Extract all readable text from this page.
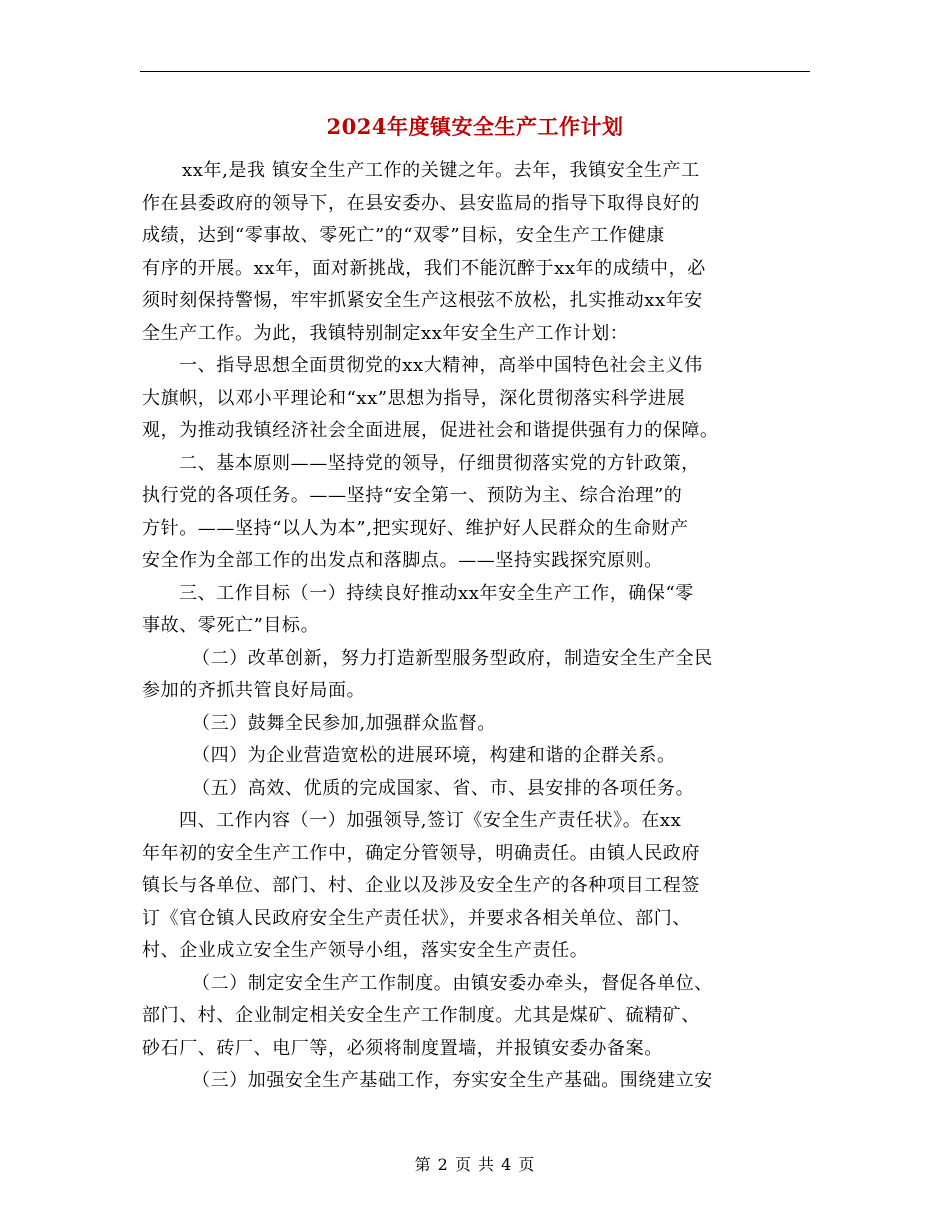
2024年度镇安全生产工作计划
xx年,是我 镇安全生产工作的关键之年。去年，我镇安全生产工
作在县委政府的领导下，在县安委办、县安监局的指导下取得良好的
成绩，达到“零事故、零死亡”的“双零”目标，安全生产工作健康
有序的开展。xx年，面对新挑战，我们不能沉醉于xx年的成绩中，必
须时刻保持警惕，牢牢抓紧安全生产这根弦不放松，扎实推动xx年安
全生产工作。为此，我镇特别制定xx年安全生产工作计划：
一、指导思想全面贯彻党的xx大精神，高举中国特色社会主义伟
大旗帜，以邓小平理论和“xx”思想为指导，深化贯彻落实科学进展
观，为推动我镇经济社会全面进展，促进社会和谐提供强有力的保障。
二、基本原则——坚持党的领导，仔细贯彻落实党的方针政策，
执行党的各项任务。——坚持“安全第一、预防为主、综合治理”的
方针。——坚持“以人为本”,把实现好、维护好人民群众的生命财产
安全作为全部工作的出发点和落脚点。——坚持实践探究原则。
三、工作目标（一）持续良好推动xx年安全生产工作，确保“零
事故、零死亡”目标。
（二）改革创新，努力打造新型服务型政府，制造安全生产全民
参加的齐抓共管良好局面。
（三）鼓舞全民参加,加强群众监督。
（四）为企业营造宽松的进展环境，构建和谐的企群关系。
（五）高效、优质的完成国家、省、市、县安排的各项任务。
四、工作内容（一）加强领导,签订《安全生产责任状》。在xx
年年初的安全生产工作中，确定分管领导，明确责任。由镇人民政府
镇长与各单位、部门、村、企业以及涉及安全生产的各种项目工程签
订《官仓镇人民政府安全生产责任状》，并要求各相关单位、部门、
村、企业成立安全生产领导小组，落实安全生产责任。
（二）制定安全生产工作制度。由镇安委办牵头，督促各单位、
部门、村、企业制定相关安全生产工作制度。尤其是煤矿、硫精矿、
砂石厂、砖厂、电厂等，必须将制度置墙，并报镇安委办备案。
（三）加强安全生产基础工作，夯实安全生产基础。围绕建立安
第 2 页 共 4 页
